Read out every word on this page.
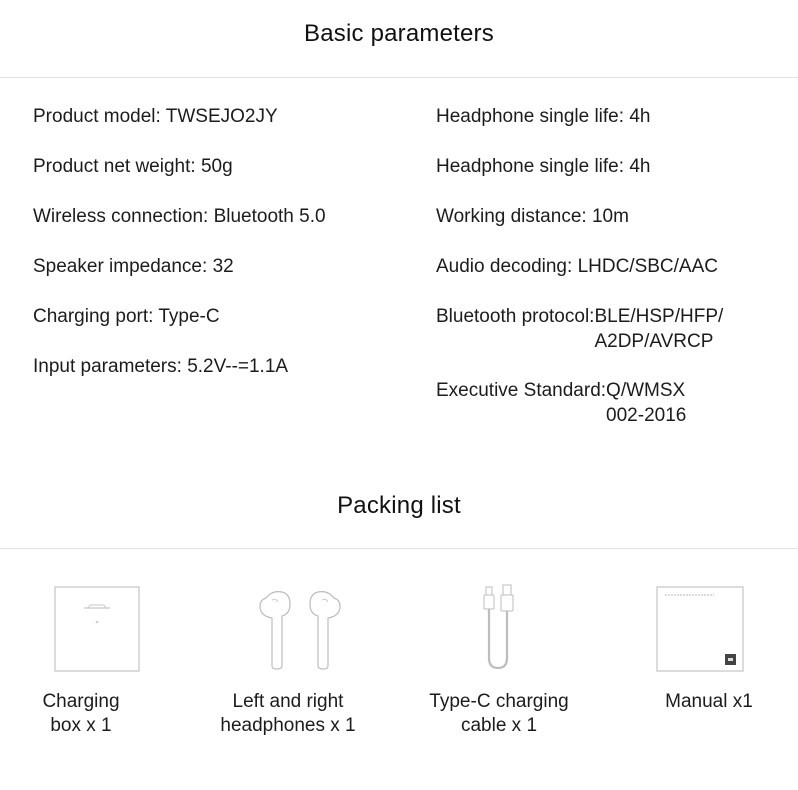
Basic parameters
Product model: TWSEJO2JY
Product net weight: 50g
Wireless connection: Bluetooth 5.0
Speaker impedance: 32
Charging port: Type-C
Input parameters: 5.2V--=1.1A
Headphone single life: 4h
Headphone single life: 4h
Working distance: 10m
Audio decoding: LHDC/SBC/AAC
Bluetooth protocol: BLE/HSP/HFP/
A2DP/AVRCP
Executive Standard: Q/WMSX
002-2016
Packing list
Charging
box x 1
Left and right
headphones x 1
Type-C charging
cable x 1
Manual x1
